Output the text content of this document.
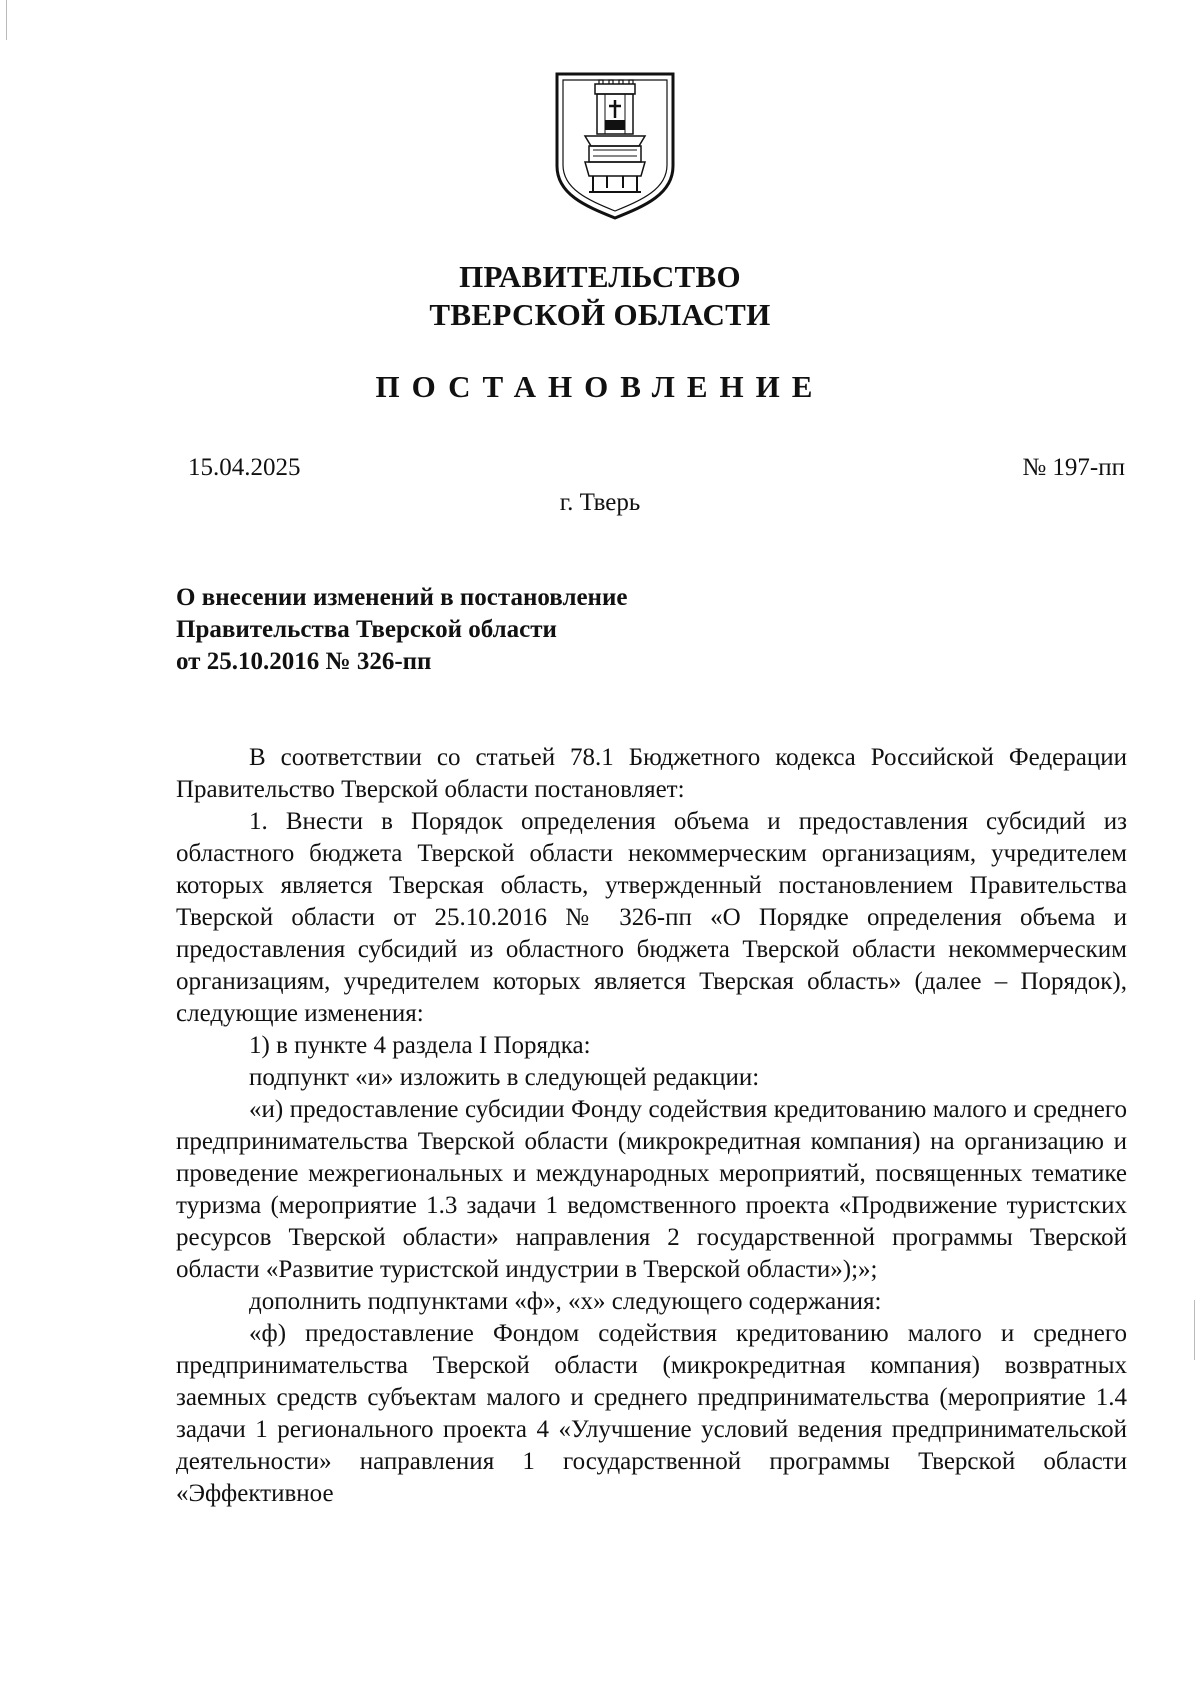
ПРАВИТЕЛЬСТВО
ТВЕРСКОЙ ОБЛАСТИ
ПОСТАНОВЛЕНИЕ
15.04.2025	№ 197-пп
г. Тверь
О внесении изменений в постановление
Правительства Тверской области
от 25.10.2016 № 326-пп

В соответствии со статьей 78.1 Бюджетного кодекса Российской Федерации Правительство Тверской области постановляет:

1. Внести в Порядок определения объема и предоставления субсидий из областного бюджета Тверской области некоммерческим организациям, учредителем которых является Тверская область, утвержденный постановлением Правительства Тверской области от 25.10.2016 № 326-пп «О Порядке определения объема и предоставления субсидий из областного бюджета Тверской области некоммерческим организациям, учредителем которых является Тверская область» (далее – Порядок), следующие изменения:

1) в пункте 4 раздела I Порядка:

подпункт «и» изложить в следующей редакции:

«и) предоставление субсидии Фонду содействия кредитованию малого и среднего предпринимательства Тверской области (микрокредитная компания) на организацию и проведение межрегиональных и международных мероприятий, посвященных тематике туризма (мероприятие 1.3 задачи 1 ведомственного проекта «Продвижение туристских ресурсов Тверской области» направления 2 государственной программы Тверской области «Развитие туристской индустрии в Тверской области»);»;

дополнить подпунктами «ф», «х» следующего содержания:

«ф) предоставление Фондом содействия кредитованию малого и среднего предпринимательства Тверской области (микрокредитная компания) возвратных заемных средств субъектам малого и среднего предпринимательства (мероприятие 1.4 задачи 1 регионального проекта 4 «Улучшение условий ведения предпринимательской деятельности» направления 1 государственной программы Тверской области «Эффективное
